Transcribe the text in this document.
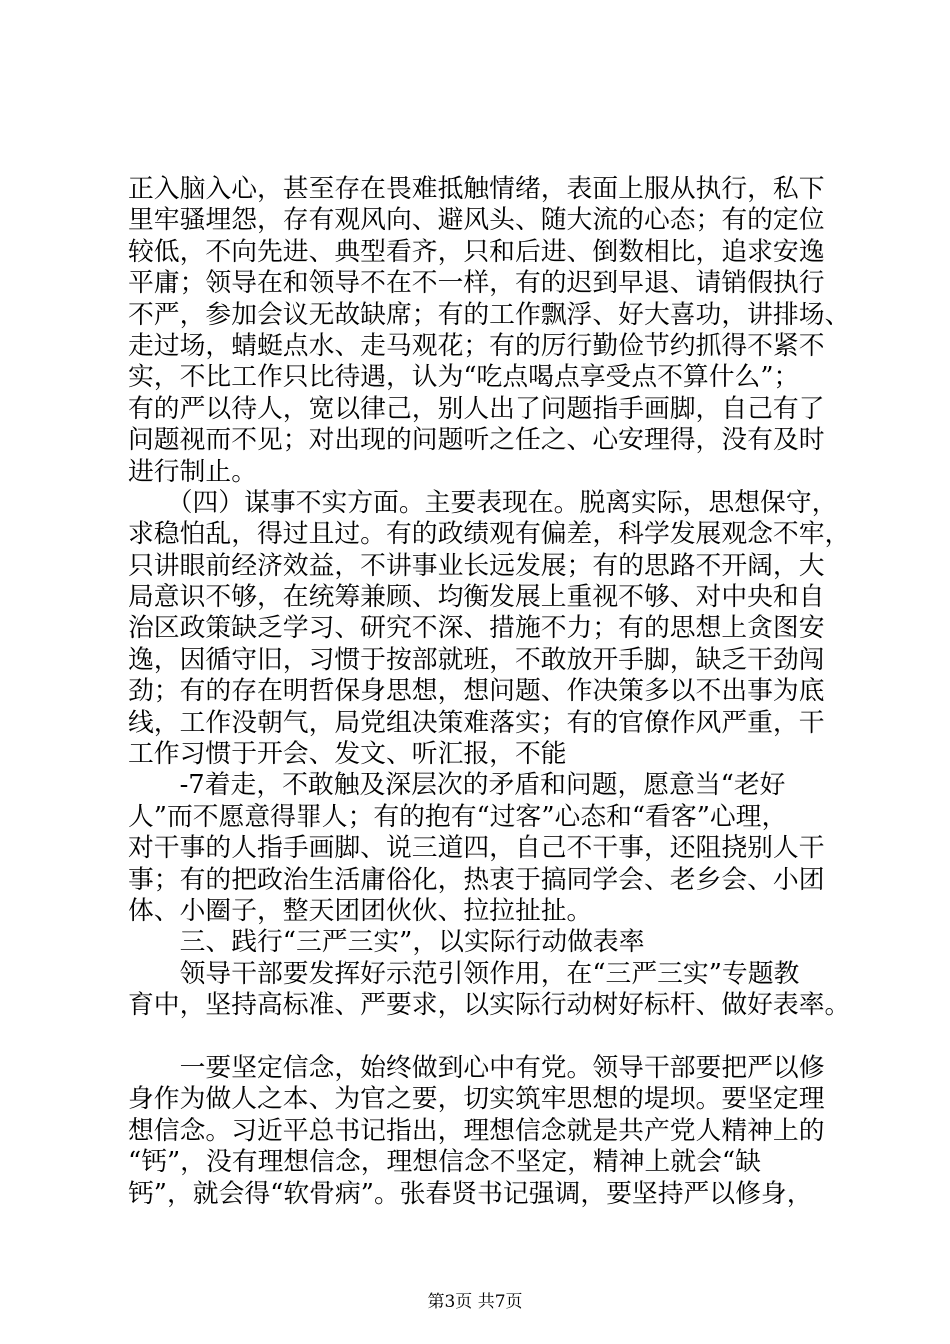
正入脑入心，甚至存在畏难抵触情绪，表面上服从执行，私下
里牢骚埋怨，存有观风向、避风头、随大流的心态；有的定位
较低，不向先进、典型看齐，只和后进、倒数相比，追求安逸
平庸；领导在和领导不在不一样，有的迟到早退、请销假执行
不严，参加会议无故缺席；有的工作飘浮、好大喜功，讲排场、
走过场，蜻蜓点水、走马观花；有的厉行勤俭节约抓得不紧不
实，不比工作只比待遇，认为“吃点喝点享受点不算什么”；
有的严以待人，宽以律己，别人出了问题指手画脚，自己有了
问题视而不见；对出现的问题听之任之、心安理得，没有及时
进行制止。
　　（四）谋事不实方面。主要表现在。脱离实际，思想保守，
求稳怕乱，得过且过。有的政绩观有偏差，科学发展观念不牢，
只讲眼前经济效益，不讲事业长远发展；有的思路不开阔，大
局意识不够，在统筹兼顾、均衡发展上重视不够、对中央和自
治区政策缺乏学习、研究不深、措施不力；有的思想上贪图安
逸，因循守旧，习惯于按部就班，不敢放开手脚，缺乏干劲闯
劲；有的存在明哲保身思想，想问题、作决策多以不出事为底
线，工作没朝气，局党组决策难落实；有的官僚作风严重，干
工作习惯于开会、发文、听汇报，不能
　　-7着走，不敢触及深层次的矛盾和问题，愿意当“老好
人”而不愿意得罪人；有的抱有“过客”心态和“看客”心理，
对干事的人指手画脚、说三道四，自己不干事，还阻挠别人干
事；有的把政治生活庸俗化，热衷于搞同学会、老乡会、小团
体、小圈子，整天团团伙伙、拉拉扯扯。
　　三、践行“三严三实”，以实际行动做表率
　　领导干部要发挥好示范引领作用，在“三严三实”专题教
育中，坚持高标准、严要求，以实际行动树好标杆、做好表率。
　　一要坚定信念，始终做到心中有党。领导干部要把严以修
身作为做人之本、为官之要，切实筑牢思想的堤坝。要坚定理
想信念。习近平总书记指出，理想信念就是共产党人精神上的
“钙”，没有理想信念，理想信念不坚定，精神上就会“缺
钙”，就会得“软骨病”。张春贤书记强调，要坚持严以修身，
第3页 共7页
